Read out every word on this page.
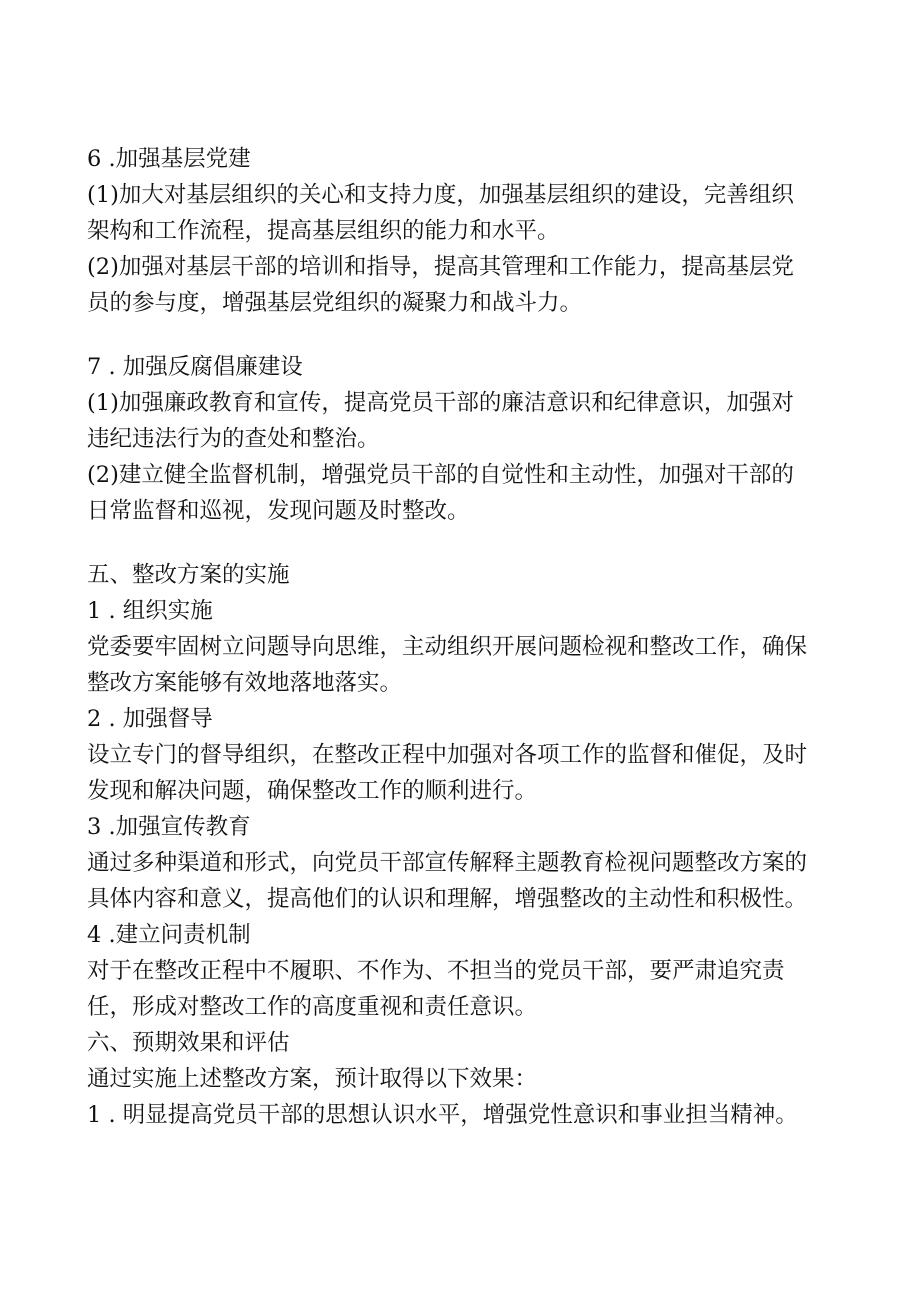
6 .加强基层党建

(1)加大对基层组织的关心和支持力度，加强基层组织的建设，完善组织

架构和工作流程，提高基层组织的能力和水平。

(2)加强对基层干部的培训和指导，提高其管理和工作能力，提高基层党

员的参与度，增强基层党组织的凝聚力和战斗力。

7 . 加强反腐倡廉建设

(1)加强廉政教育和宣传，提高党员干部的廉洁意识和纪律意识，加强对

违纪违法行为的查处和整治。

(2)建立健全监督机制，增强党员干部的自觉性和主动性，加强对干部的

日常监督和巡视，发现问题及时整改。

五、整改方案的实施

1 . 组织实施

党委要牢固树立问题导向思维，主动组织开展问题检视和整改工作，确保

整改方案能够有效地落地落实。

2 . 加强督导

设立专门的督导组织，在整改正程中加强对各项工作的监督和催促，及时

发现和解决问题，确保整改工作的顺利进行。

3 .加强宣传教育

通过多种渠道和形式，向党员干部宣传解释主题教育检视问题整改方案的

具体内容和意义，提高他们的认识和理解，增强整改的主动性和积极性。

4 .建立问责机制

对于在整改正程中不履职、不作为、不担当的党员干部，要严肃追究责

任，形成对整改工作的高度重视和责任意识。

六、预期效果和评估

通过实施上述整改方案，预计取得以下效果：

1 . 明显提高党员干部的思想认识水平，增强党性意识和事业担当精神。
